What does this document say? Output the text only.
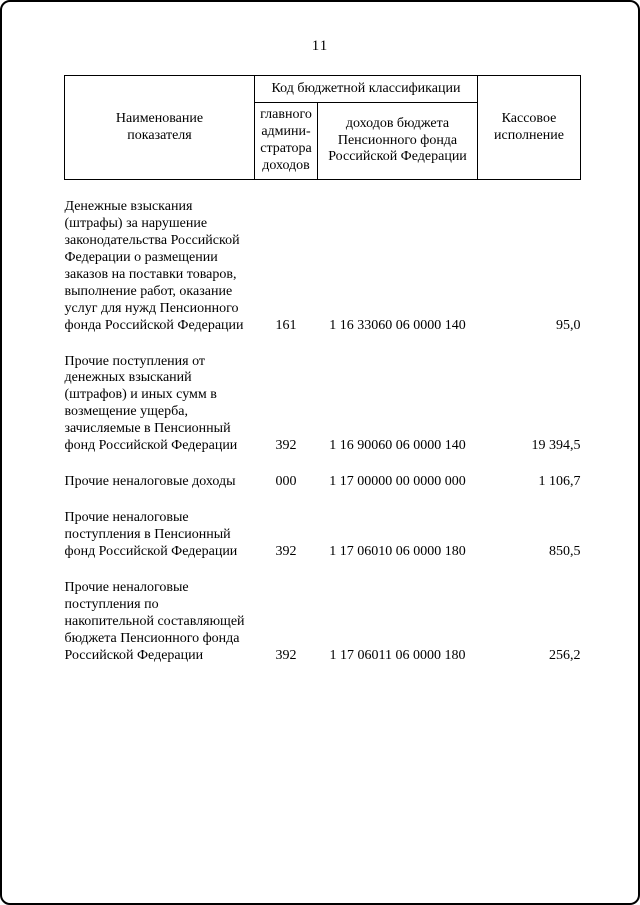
11
Наименование показателя	Код бюджетной классификации		Кассовое исполнение
	главного админи-стратора доходов	доходов бюджета Пенсионного фонда Российской Федерации	
Денежные взыскания (штрафы) за нарушение законодательства Российской Федерации о размещении заказов на поставки товаров, выполнение работ, оказание услуг для нужд Пенсионного фонда Российской Федерации	161	1 16 33060 06 0000 140	95,0
Прочие поступления от денежных взысканий (штрафов) и иных сумм в возмещение ущерба, зачисляемые в Пенсионный фонд Российской Федерации	392	1 16 90060 06 0000 140	19 394,5
Прочие неналоговые доходы	000	1 17 00000 00 0000 000	1 106,7
Прочие неналоговые поступления в Пенсионный фонд Российской Федерации	392	1 17 06010 06 0000 180	850,5
Прочие неналоговые поступления по накопительной составляющей бюджета Пенсионного фонда Российской Федерации	392	1 17 06011 06 0000 180	256,2
